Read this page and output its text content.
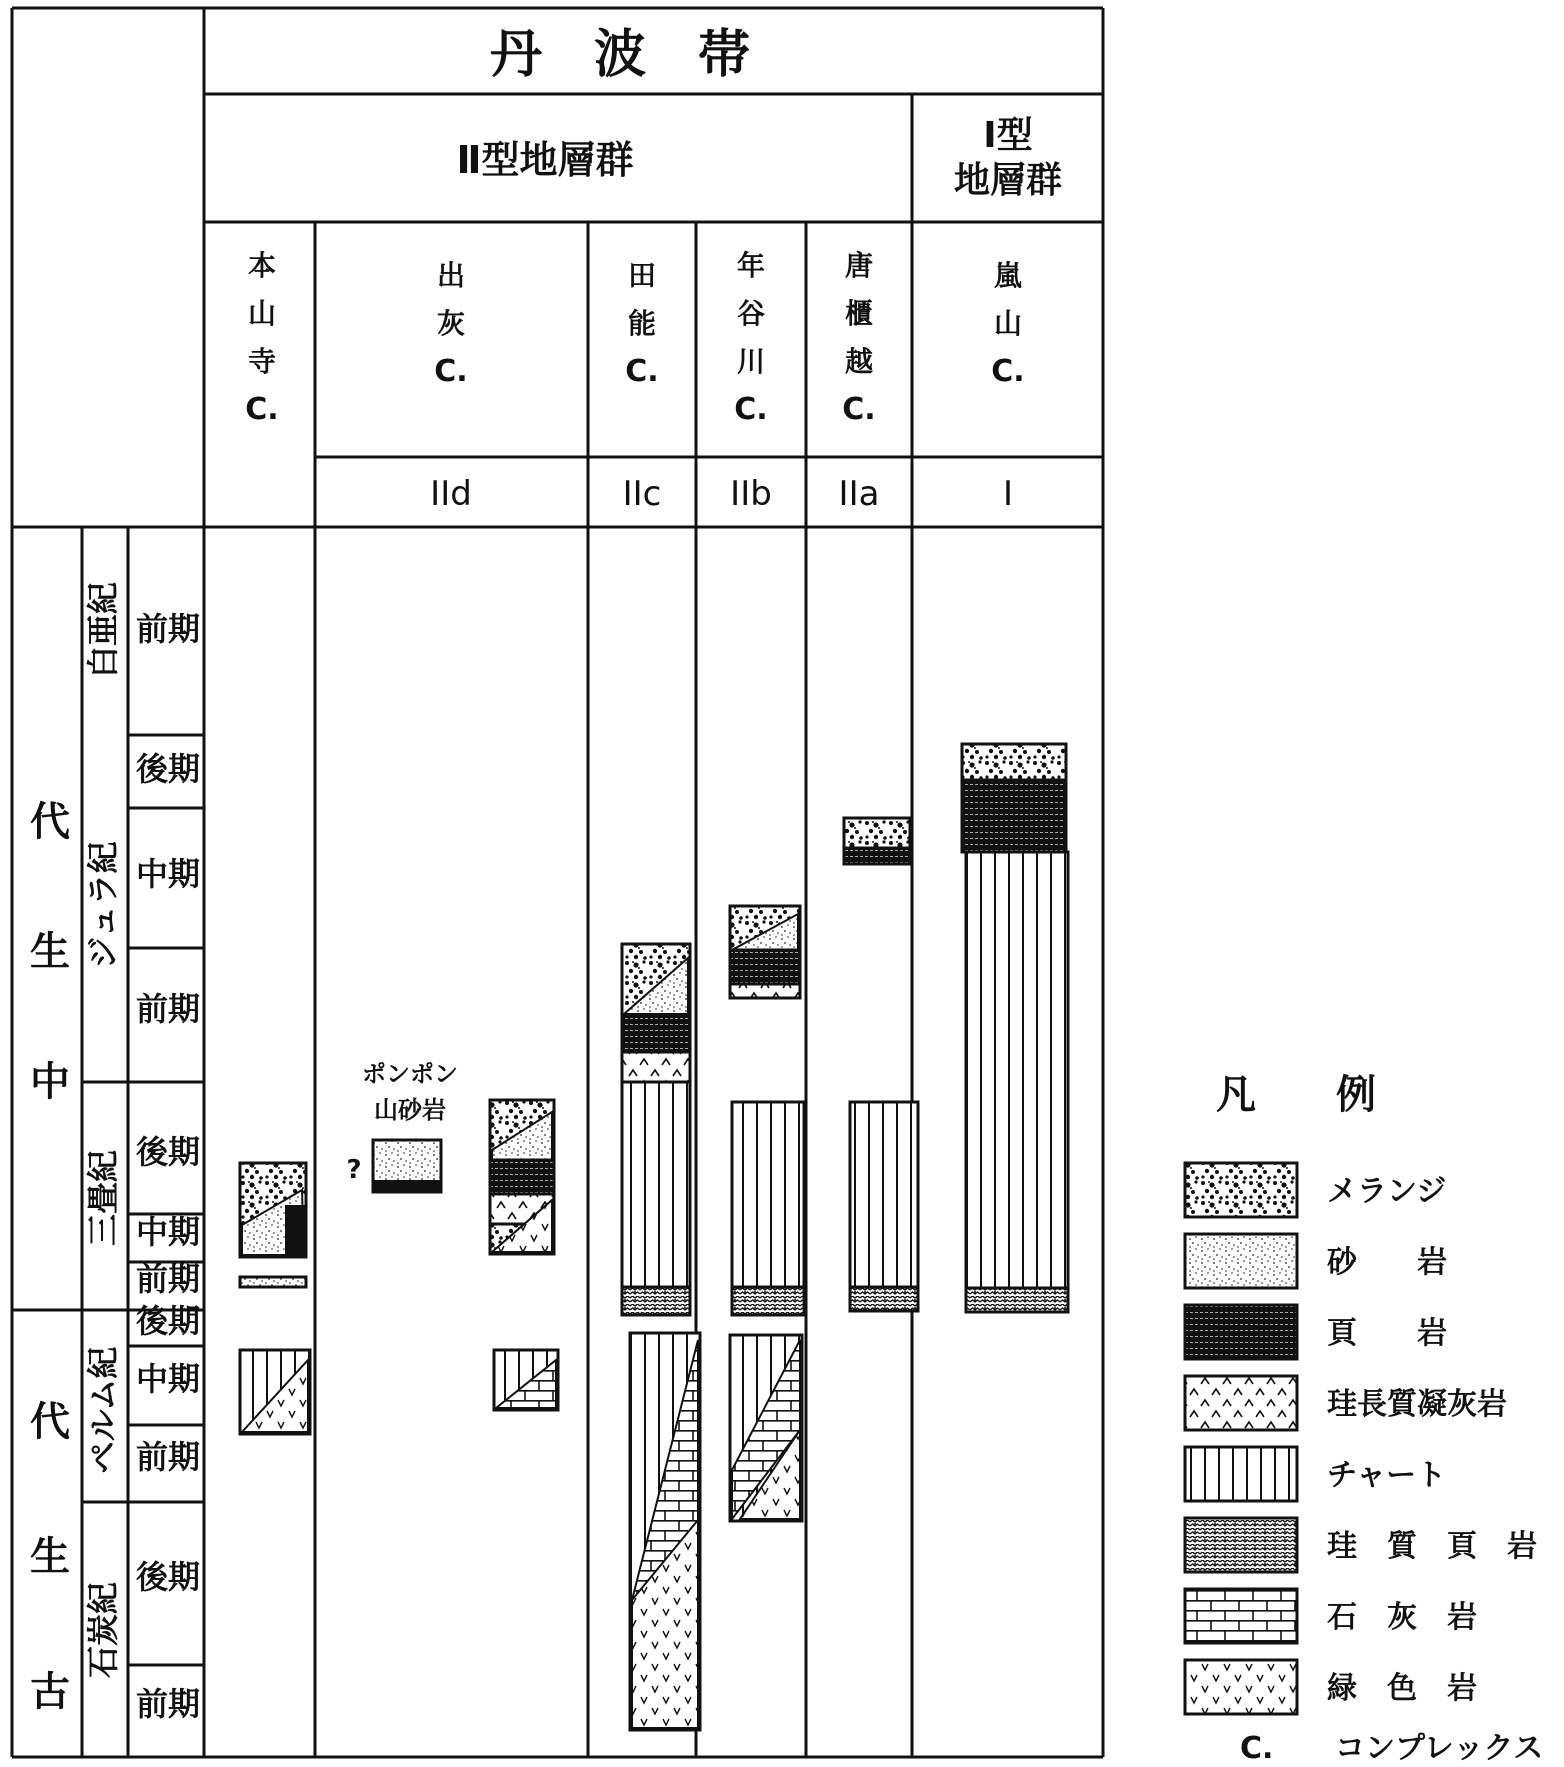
丹　波　帯
Ⅱ型地層群
Ⅰ型
地層群
本
山
寺
C.
出
灰
C.
IId
田
能
C.
IIc
年
谷
川
C.
IIb
唐
櫃
越
C.
IIa
嵐
山
C.
I
中
生
代
古
生
代
白亜紀
ジュラ紀
三畳紀
ペルム紀
石炭紀
前期
後期
中期
前期
後期
中期
前期
後期
中期
前期
後期
前期
ポンポン
山砂岩
?
凡　　例
メランジ
砂　　岩
頁　　岩
珪長質凝灰岩
チャート
珪　質　頁　岩
石　灰　岩
緑　色　岩
C. コンプレックス
